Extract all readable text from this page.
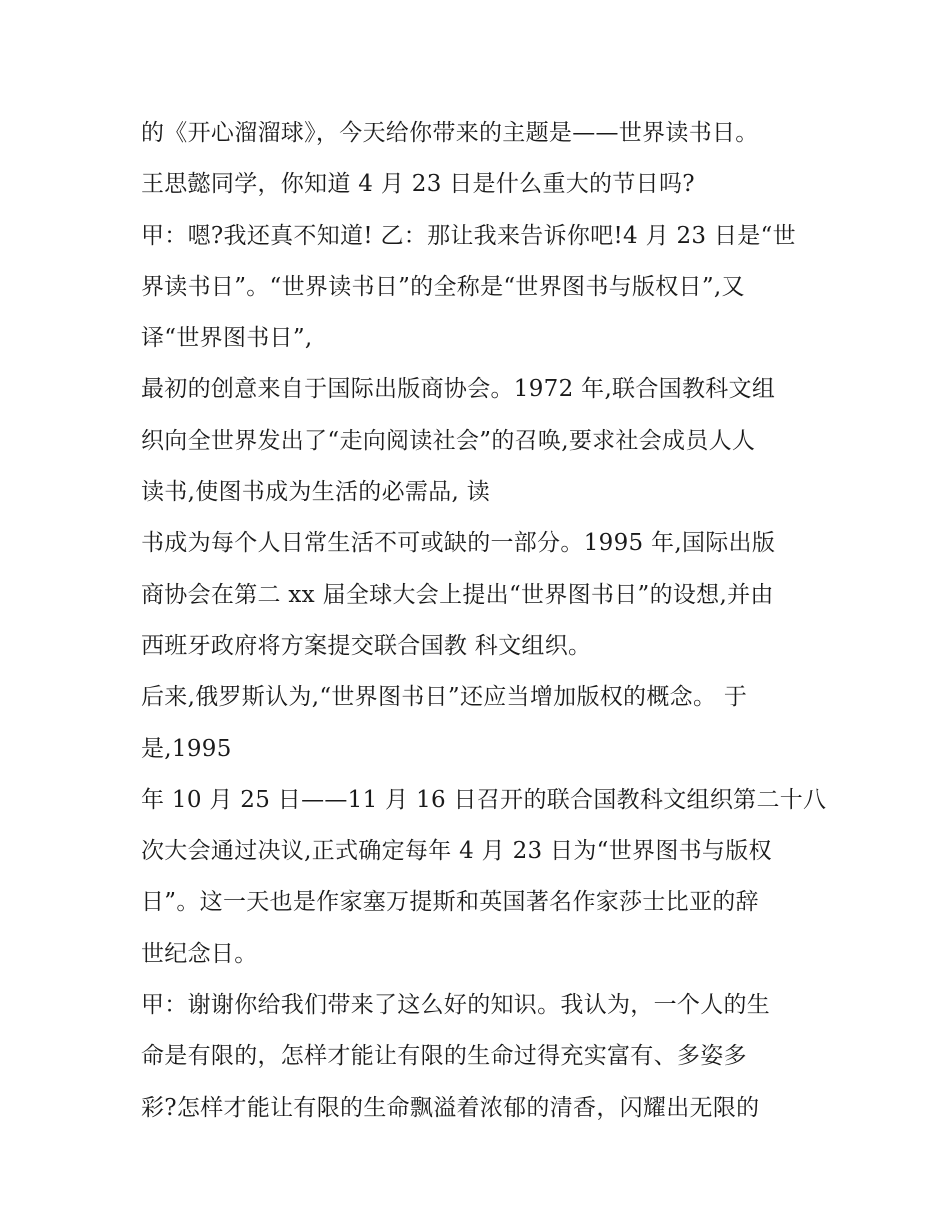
的《开心溜溜球》，今天给你带来的主题是——世界读书日。
王思懿同学，你知道 4 月 23 日是什么重大的节日吗?
甲：嗯?我还真不知道! 乙：那让我来告诉你吧!4 月 23 日是“世
界读书日”。“世界读书日”的全称是“世界图书与版权日”,又
译“世界图书日”,
最初的创意来自于国际出版商协会。1972 年,联合国教科文组
织向全世界发出了“走向阅读社会”的召唤,要求社会成员人人
读书,使图书成为生活的必需品, 读
书成为每个人日常生活不可或缺的一部分。1995 年,国际出版
商协会在第二 xx 届全球大会上提出“世界图书日”的设想,并由
西班牙政府将方案提交联合国教 科文组织。
后来,俄罗斯认为,“世界图书日”还应当增加版权的概念。 于
是,1995
年 10 月 25 日——11 月 16 日召开的联合国教科文组织第二十八
次大会通过决议,正式确定每年 4 月 23 日为“世界图书与版权
日”。这一天也是作家塞万提斯和英国著名作家莎士比亚的辞
世纪念日。
甲：谢谢你给我们带来了这么好的知识。我认为，一个人的生
命是有限的，怎样才能让有限的生命过得充实富有、多姿多
彩?怎样才能让有限的生命飘溢着浓郁的清香，闪耀出无限的
